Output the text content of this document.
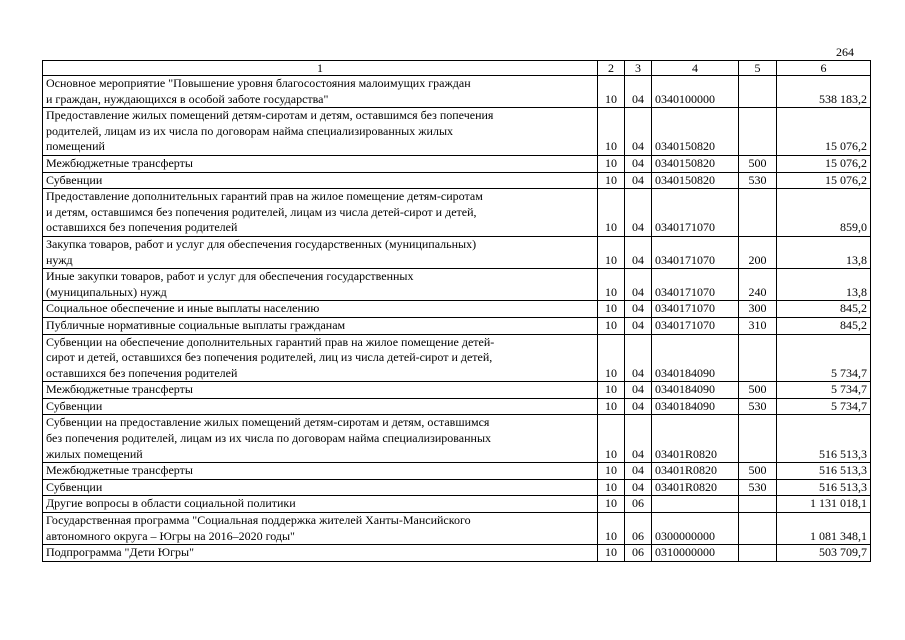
264
1	2	3	4	5	6

Основное мероприятие "Повышение уровня благосостояния малоимущих граждан
и граждан, нуждающихся в особой заботе государства"	10	04	0340100000		538 183,2

Предоставление жилых помещений детям-сиротам и детям, оставшимся без попечения
родителей, лицам из их числа по договорам найма специализированных жилых
помещений	10	04	0340150820		15 076,2

Межбюджетные трансферты	10	04	0340150820	500	15 076,2

Субвенции	10	04	0340150820	530	15 076,2

Предоставление дополнительных гарантий прав на жилое помещение детям-сиротам
и детям, оставшимся без попечения родителей, лицам из числа детей-сирот и детей,
оставшихся без попечения родителей	10	04	0340171070		859,0

Закупка товаров, работ и услуг для обеспечения государственных (муниципальных)
нужд	10	04	0340171070	200	13,8

Иные закупки товаров, работ и услуг для обеспечения государственных
(муниципальных) нужд	10	04	0340171070	240	13,8

Социальное обеспечение и иные выплаты населению	10	04	0340171070	300	845,2

Публичные нормативные социальные выплаты гражданам	10	04	0340171070	310	845,2

Субвенции на обеспечение дополнительных гарантий прав на жилое помещение детей-
сирот и детей, оставшихся без попечения родителей, лиц из числа детей-сирот и детей,
оставшихся без попечения родителей	10	04	0340184090		5 734,7

Межбюджетные трансферты	10	04	0340184090	500	5 734,7

Субвенции	10	04	0340184090	530	5 734,7

Субвенции на предоставление жилых помещений детям-сиротам и детям, оставшимся
без попечения родителей, лицам из их числа по договорам найма специализированных
жилых помещений	10	04	03401R0820		516 513,3

Межбюджетные трансферты	10	04	03401R0820	500	516 513,3

Субвенции	10	04	03401R0820	530	516 513,3

Другие вопросы в области социальной политики	10	06			1 131 018,1

Государственная программа "Социальная поддержка жителей Ханты-Мансийского
автономного округа – Югры на 2016–2020 годы"	10	06	0300000000		1 081 348,1

Подпрограмма "Дети Югры"	10	06	0310000000		503 709,7
